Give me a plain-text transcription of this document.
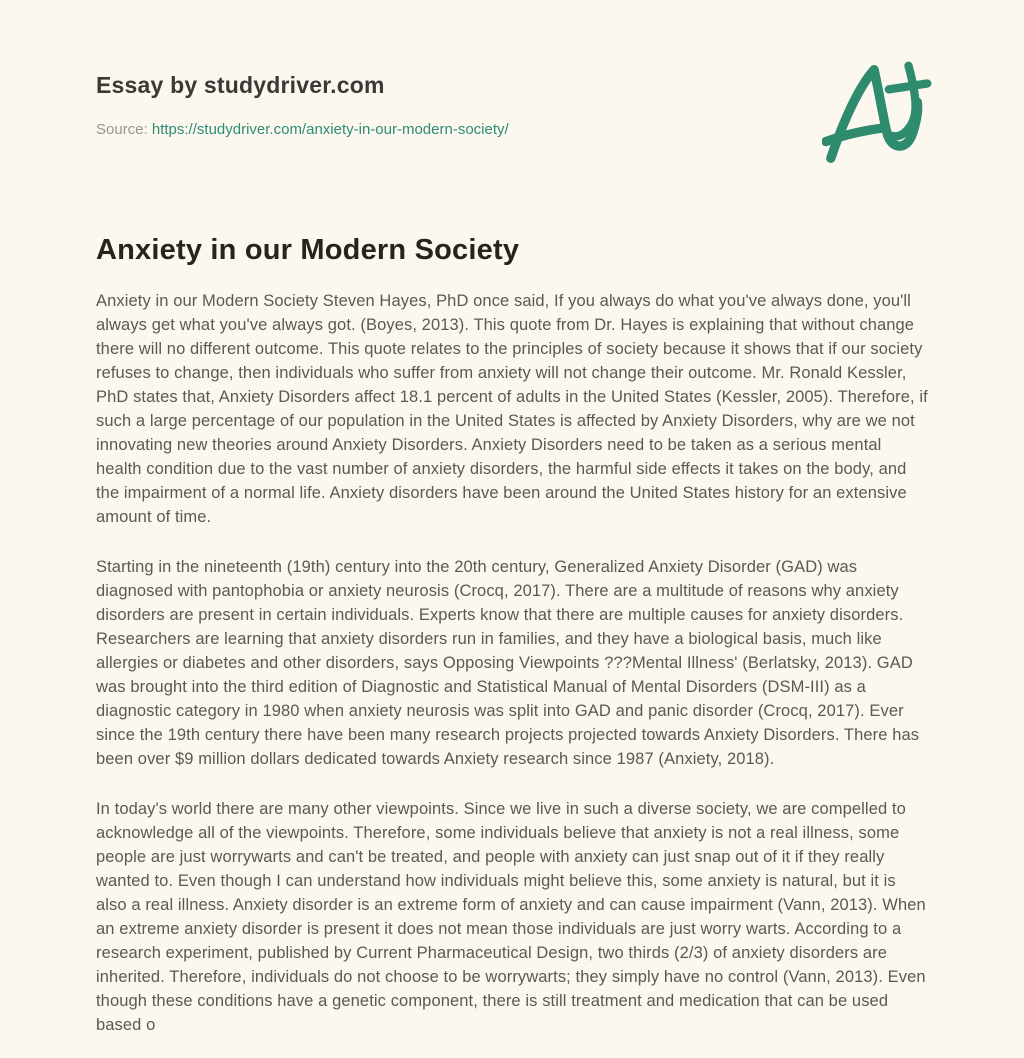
Essay by studydriver.com
Source: https://studydriver.com/anxiety-in-our-modern-society/
Anxiety in our Modern Society

Anxiety in our Modern Society Steven Hayes, PhD once said, If you always do what you've always done, you'll always get what you've always got. (Boyes, 2013). This quote from Dr. Hayes is explaining that without change there will no different outcome. This quote relates to the principles of society because it shows that if our society refuses to change, then individuals who suffer from anxiety will not change their outcome. Mr. Ronald Kessler, PhD states that, Anxiety Disorders affect 18.1 percent of adults in the United States (Kessler, 2005). Therefore, if such a large percentage of our population in the United States is affected by Anxiety Disorders, why are we not innovating new theories around Anxiety Disorders. Anxiety Disorders need to be taken as a serious mental health condition due to the vast number of anxiety disorders, the harmful side effects it takes on the body, and the impairment of a normal life. Anxiety disorders have been around the United States history for an extensive amount of time.

Starting in the nineteenth (19th) century into the 20th century, Generalized Anxiety Disorder (GAD) was diagnosed with pantophobia or anxiety neurosis (Crocq, 2017). There are a multitude of reasons why anxiety disorders are present in certain individuals. Experts know that there are multiple causes for anxiety disorders. Researchers are learning that anxiety disorders run in families, and they have a biological basis, much like allergies or diabetes and other disorders, says Opposing Viewpoints ???Mental Illness' (Berlatsky, 2013). GAD was brought into the third edition of Diagnostic and Statistical Manual of Mental Disorders (DSM-III) as a diagnostic category in 1980 when anxiety neurosis was split into GAD and panic disorder (Crocq, 2017). Ever since the 19th century there have been many research projects projected towards Anxiety Disorders. There has been over $9 million dollars dedicated towards Anxiety research since 1987 (Anxiety, 2018).

In today's world there are many other viewpoints. Since we live in such a diverse society, we are compelled to acknowledge all of the viewpoints. Therefore, some individuals believe that anxiety is not a real illness, some people are just worrywarts and can't be treated, and people with anxiety can just snap out of it if they really wanted to. Even though I can understand how individuals might believe this, some anxiety is natural, but it is also a real illness. Anxiety disorder is an extreme form of anxiety and can cause impairment (Vann, 2013). When an extreme anxiety disorder is present it does not mean those individuals are just worry warts. According to a research experiment, published by Current Pharmaceutical Design, two thirds (2/3) of anxiety disorders are inherited. Therefore, individuals do not choose to be worrywarts; they simply have no control (Vann, 2013). Even though these conditions have a genetic component, there is still treatment and medication that can be used based o
